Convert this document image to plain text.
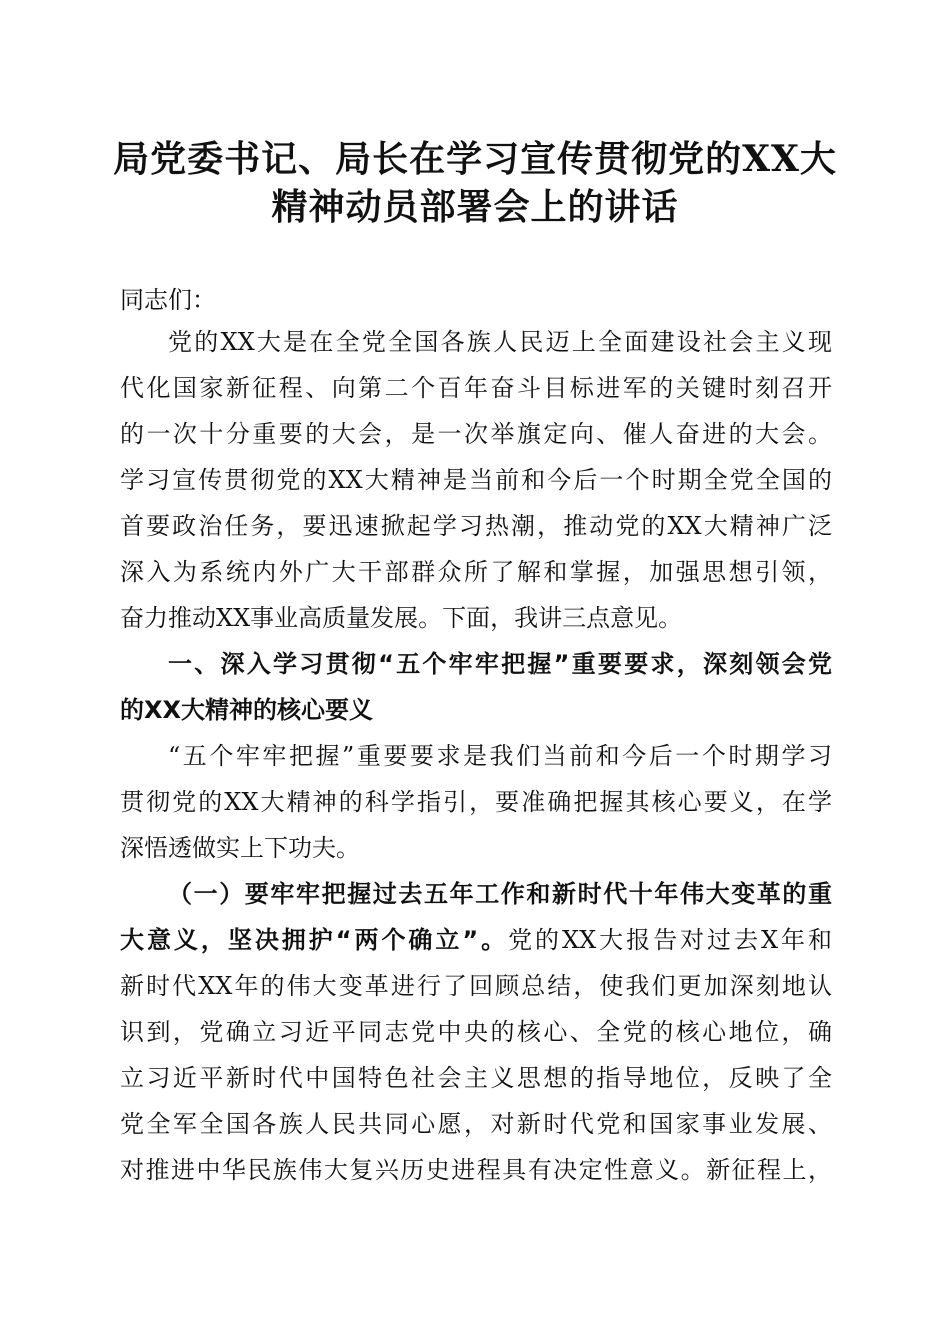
局党委书记、局长在学习宣传贯彻党的XX大
精神动员部署会上的讲话
同志们：
党的XX大是在全党全国各族人民迈上全面建设社会主义现
代化国家新征程、向第二个百年奋斗目标进军的关键时刻召开
的一次十分重要的大会，是一次举旗定向、催人奋进的大会。
学习宣传贯彻党的XX大精神是当前和今后一个时期全党全国的
首要政治任务，要迅速掀起学习热潮，推动党的XX大精神广泛
深入为系统内外广大干部群众所了解和掌握，加强思想引领，
奋力推动XX事业高质量发展。下面，我讲三点意见。
一、深入学习贯彻“五个牢牢把握”重要要求，深刻领会党
的XX大精神的核心要义
“五个牢牢把握”重要要求是我们当前和今后一个时期学习
贯彻党的XX大精神的科学指引，要准确把握其核心要义，在学
深悟透做实上下功夫。
（一）要牢牢把握过去五年工作和新时代十年伟大变革的重
大意义，坚决拥护“两个确立”。党的XX大报告对过去X年和
新时代XX年的伟大变革进行了回顾总结，使我们更加深刻地认
识到，党确立习近平同志党中央的核心、全党的核心地位，确
立习近平新时代中国特色社会主义思想的指导地位，反映了全
党全军全国各族人民共同心愿，对新时代党和国家事业发展、
对推进中华民族伟大复兴历史进程具有决定性意义。新征程上，
